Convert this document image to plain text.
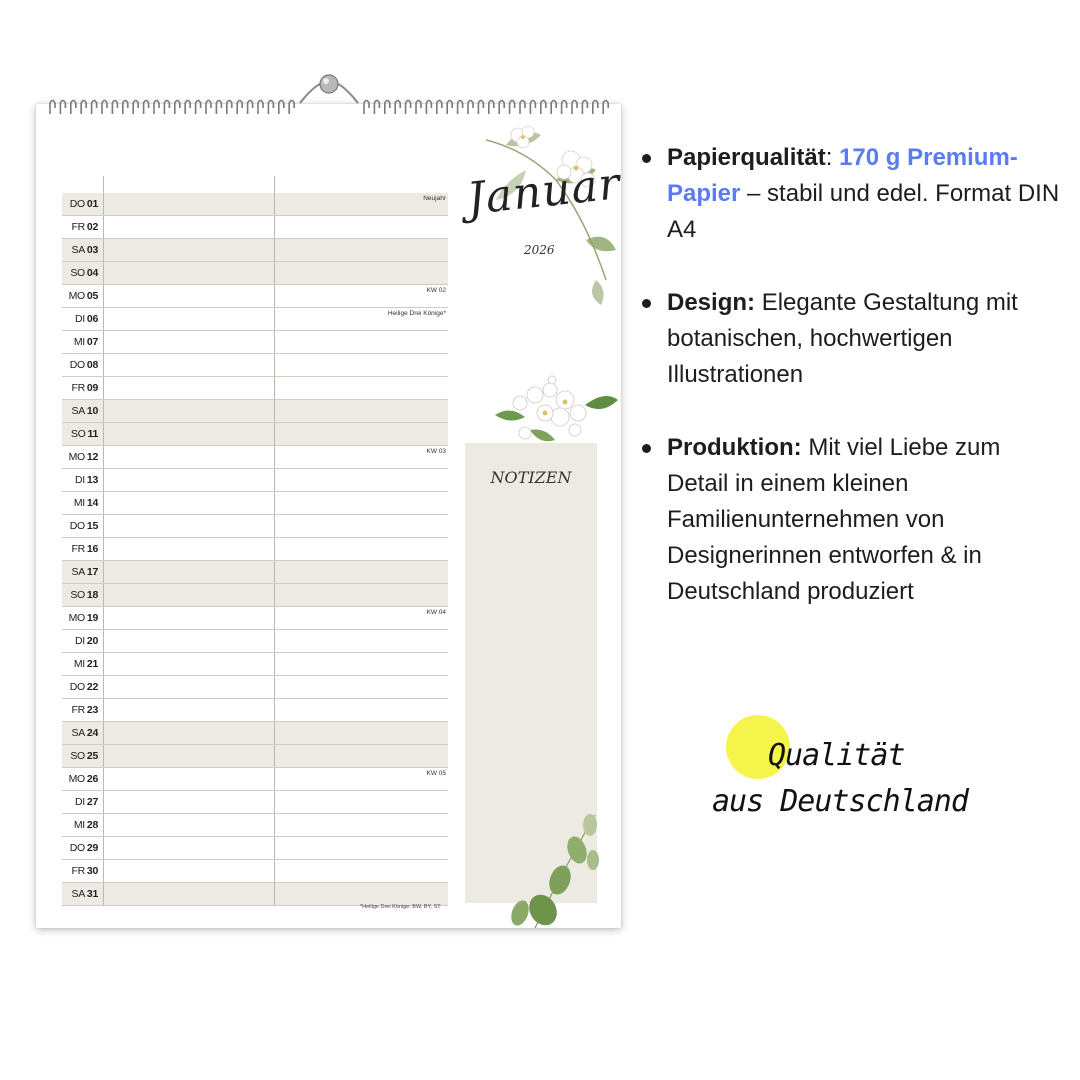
DO 01	Neujahr
FR 02
SA 03
SO 04
MO 05	KW 02
DI 06	Heilige Drei Könige*
MI 07
DO 08
FR 09
SA 10
SO 11
MO 12	KW 03
DI 13
MI 14
DO 15
FR 16
SA 17
SO 18
MO 19	KW 04
DI 20
MI 21
DO 22
FR 23
SA 24
SO 25
MO 26	KW 05
DI 27
MI 28
DO 29
FR 30
SA 31
*Heilige Drei Könige: BW, BY, ST
Januar
2026
NOTIZEN
Papierqualität: 170 g Premium-Papier – stabil und edel. Format DIN A4
Design: Elegante Gestaltung mit botanischen, hochwertigen Illustrationen
Produktion: Mit viel Liebe zum Detail in einem kleinen Familienunternehmen von Designerinnen entworfen & in Deutschland produziert
Qualität
aus Deutschland
